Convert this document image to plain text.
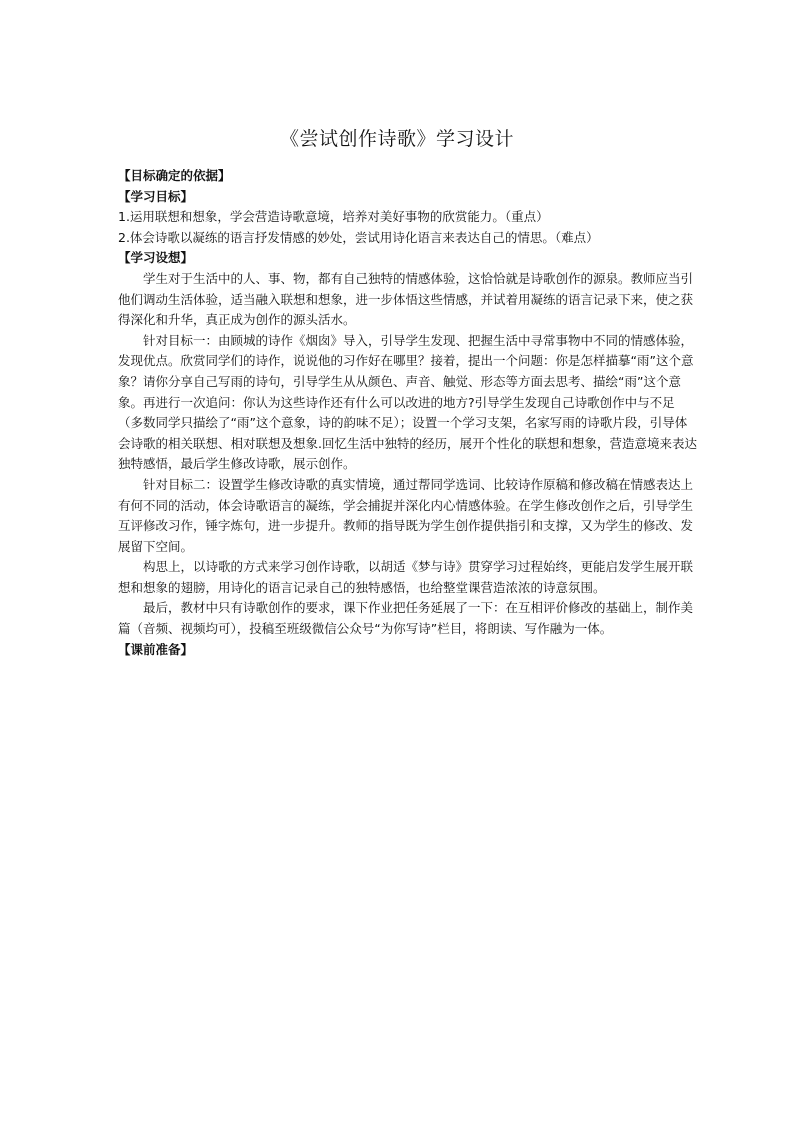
《尝试创作诗歌》学习设计

【目标确定的依据】

【学习目标】

1.运用联想和想象，学会营造诗歌意境，培养对美好事物的欣赏能力。（重点）

2.体会诗歌以凝练的语言抒发情感的妙处，尝试用诗化语言来表达自己的情思。（难点）

【学习设想】

学生对于生活中的人、事、物，都有自己独特的情感体验，这恰恰就是诗歌创作的源泉。教师应当引他们调动生活体验，适当融入联想和想象，进一步体悟这些情感，并试着用凝练的语言记录下来，使之获得深化和升华，真正成为创作的源头活水。

针对目标一：由顾城的诗作《烟囱》导入，引导学生发现、把握生活中寻常事物中不同的情感体验，发现优点。欣赏同学们的诗作，说说他的习作好在哪里？接着，提出一个问题：你是怎样描摹“雨”这个意象？请你分享自己写雨的诗句，引导学生从从颜色、声音、触觉、形态等方面去思考、描绘“雨”这个意象。再进行一次追问：你认为这些诗作还有什么可以改进的地方?引导学生发现自己诗歌创作中与不足（多数同学只描绘了“雨”这个意象，诗的韵味不足）；设置一个学习支架，名家写雨的诗歌片段，引导体会诗歌的相关联想、相对联想及想象.回忆生活中独特的经历，展开个性化的联想和想象，营造意境来表达独特感悟，最后学生修改诗歌，展示创作。

针对目标二：设置学生修改诗歌的真实情境，通过帮同学选词、比较诗作原稿和修改稿在情感表达上有何不同的活动，体会诗歌语言的凝练，学会捕捉并深化内心情感体验。在学生修改创作之后，引导学生互评修改习作，锤字炼句，进一步提升。教师的指导既为学生创作提供指引和支撑，又为学生的修改、发展留下空间。

构思上，以诗歌的方式来学习创作诗歌，以胡适《梦与诗》贯穿学习过程始终，更能启发学生展开联想和想象的翅膀，用诗化的语言记录自己的独特感悟，也给整堂课营造浓浓的诗意氛围。

最后，教材中只有诗歌创作的要求，课下作业把任务延展了一下：在互相评价修改的基础上，制作美篇（音频、视频均可），投稿至班级微信公众号“为你写诗”栏目，将朗读、写作融为一体。

【课前准备】
